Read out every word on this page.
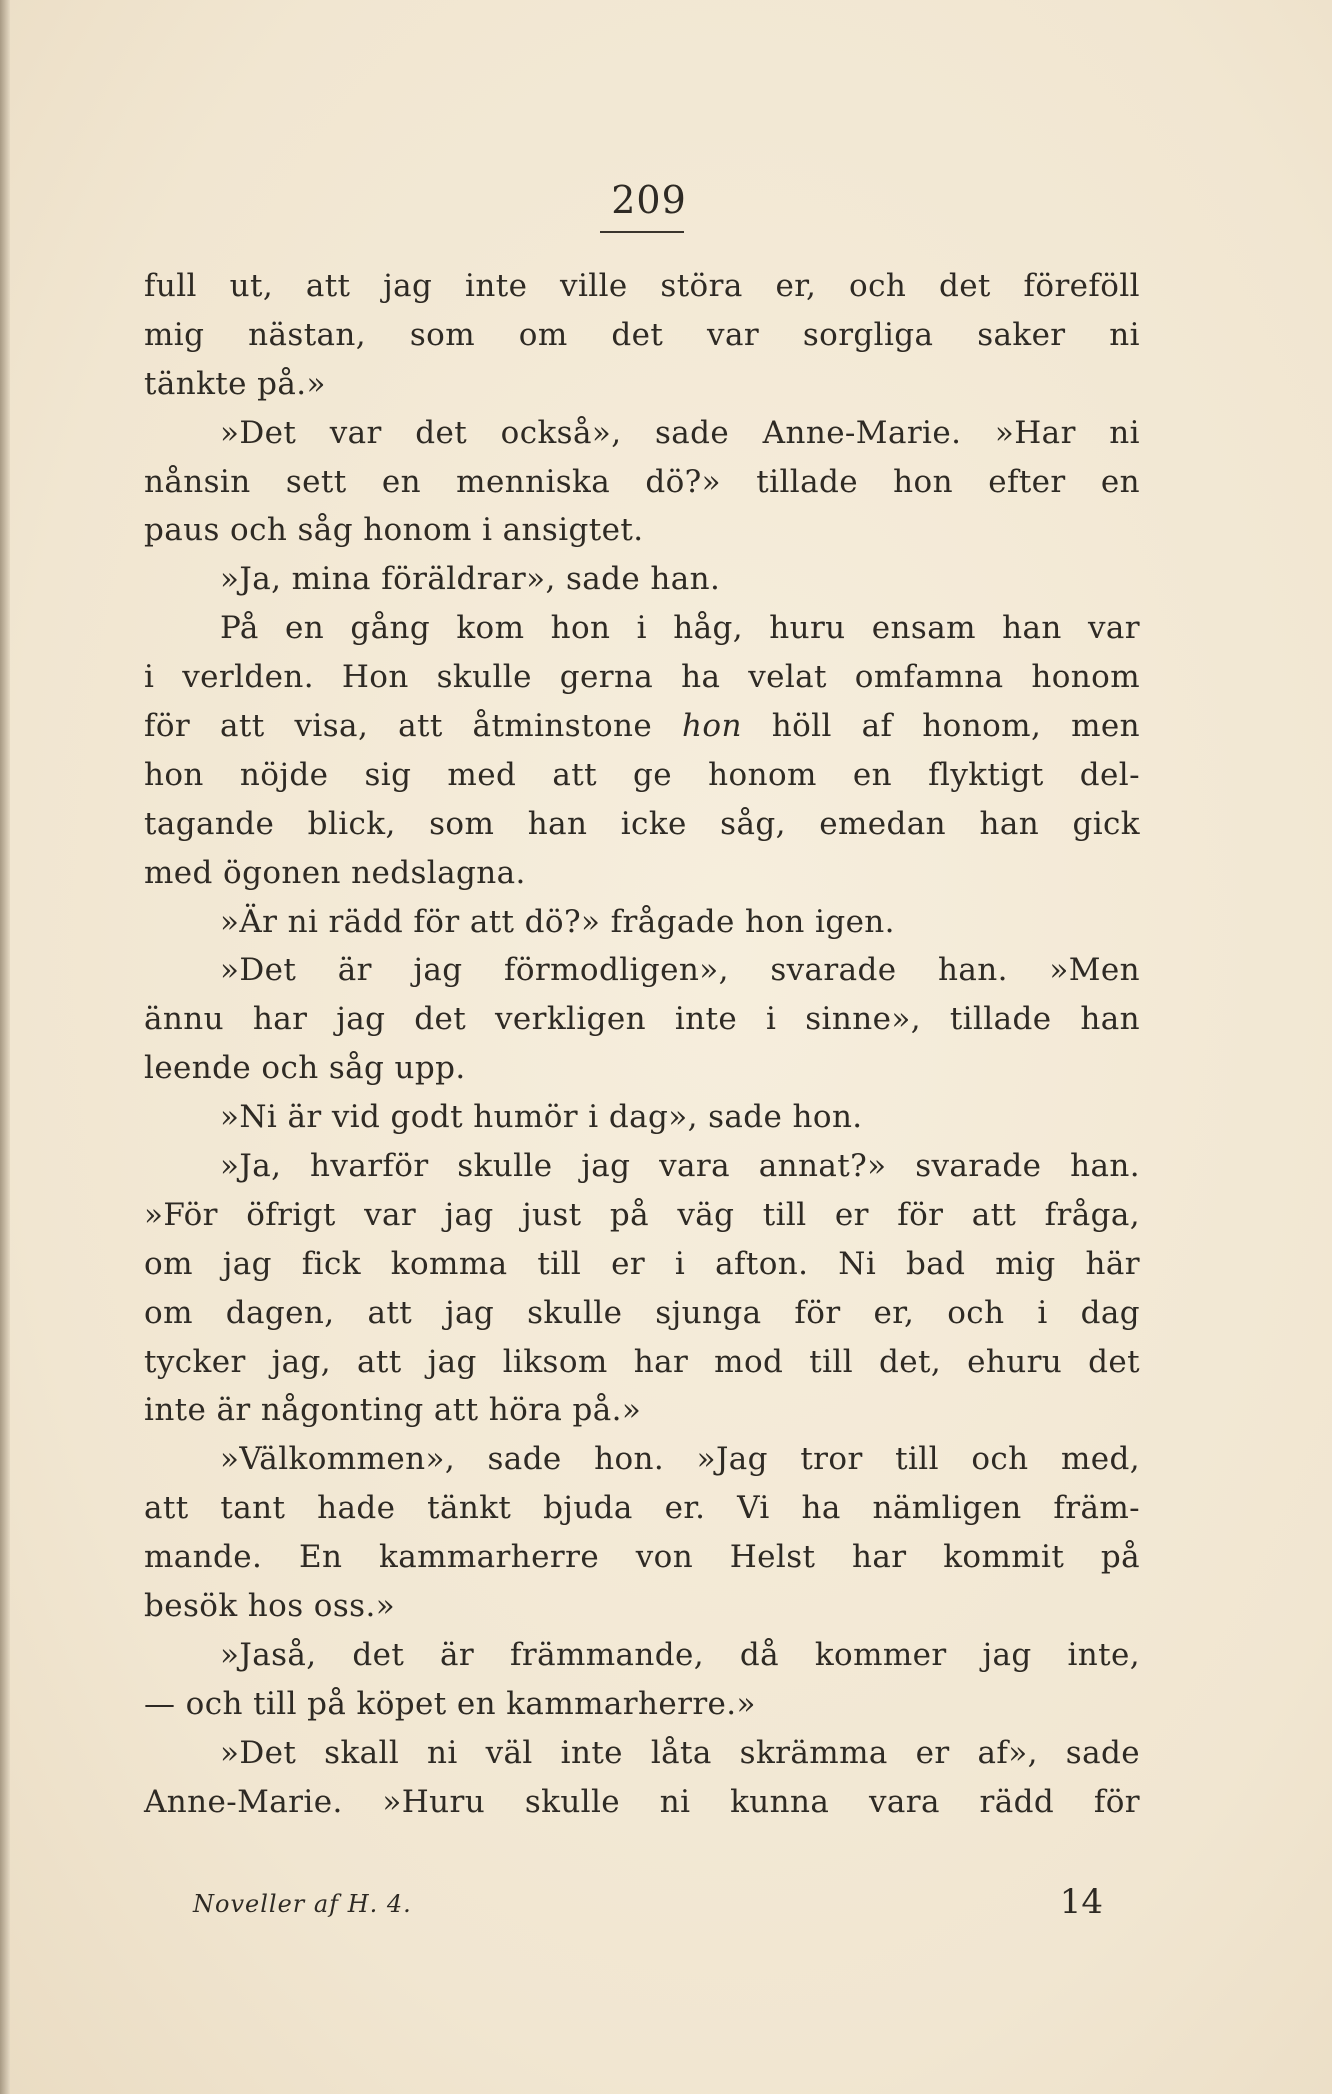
209
full ut, att jag inte ville störa er, och det föreföll
mig nästan, som om det var sorgliga saker ni
tänkte på.»
»Det var det också», sade Anne-Marie. »Har ni
nånsin sett en menniska dö?» tillade hon efter en
paus och såg honom i ansigtet.
»Ja, mina föräldrar», sade han.
På en gång kom hon i håg, huru ensam han var
i verlden. Hon skulle gerna ha velat omfamna honom
för att visa, att åtminstone hon höll af honom, men
hon nöjde sig med att ge honom en flyktigt del-
tagande blick, som han icke såg, emedan han gick
med ögonen nedslagna.
»Är ni rädd för att dö?» frågade hon igen.
»Det är jag förmodligen», svarade han. »Men
ännu har jag det verkligen inte i sinne», tillade han
leende och såg upp.
»Ni är vid godt humör i dag», sade hon.
»Ja, hvarför skulle jag vara annat?» svarade han.
»För öfrigt var jag just på väg till er för att fråga,
om jag fick komma till er i afton. Ni bad mig här
om dagen, att jag skulle sjunga för er, och i dag
tycker jag, att jag liksom har mod till det, ehuru det
inte är någonting att höra på.»
»Välkommen», sade hon. »Jag tror till och med,
att tant hade tänkt bjuda er. Vi ha nämligen främ-
mande. En kammarherre von Helst har kommit på
besök hos oss.»
»Jaså, det är främmande, då kommer jag inte,
— och till på köpet en kammarherre.»
»Det skall ni väl inte låta skrämma er af», sade
Anne-Marie. »Huru skulle ni kunna vara rädd för
Noveller af H. 4.	14
